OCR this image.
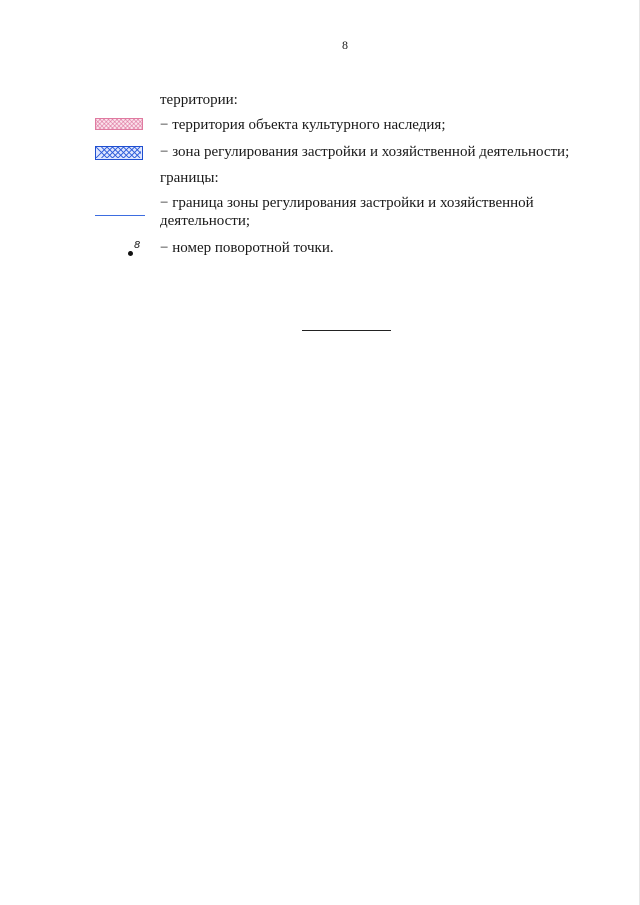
8
территории:
− территория объекта культурного наследия;
− зона регулирования застройки и хозяйственной деятельности;
границы:
− граница зоны регулирования застройки и хозяйственной
деятельности;
8 − номер поворотной точки.
